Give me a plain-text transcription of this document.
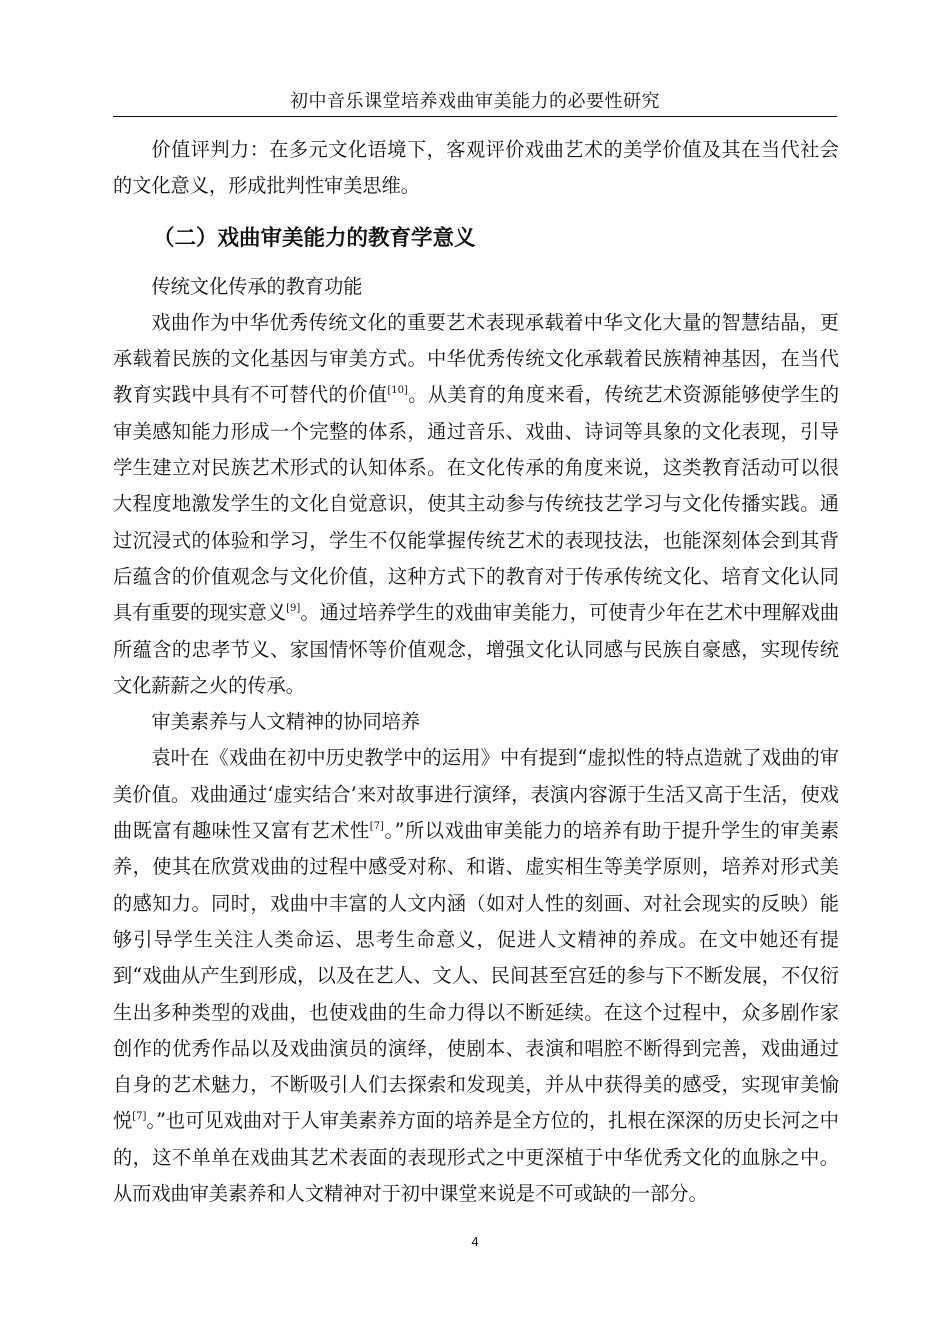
初中音乐课堂培养戏曲审美能力的必要性研究

价值评判力：在多元文化语境下，客观评价戏曲艺术的美学价值及其在当代社会的文化意义，形成批判性审美思维。

（二）戏曲审美能力的教育学意义

传统文化传承的教育功能

戏曲作为中华优秀传统文化的重要艺术表现承载着中华文化大量的智慧结晶，更承载着民族的文化基因与审美方式。中华优秀传统文化承载着民族精神基因，在当代教育实践中具有不可替代的价值[10]。从美育的角度来看，传统艺术资源能够使学生的审美感知能力形成一个完整的体系，通过音乐、戏曲、诗词等具象的文化表现，引导学生建立对民族艺术形式的认知体系。在文化传承的角度来说，这类教育活动可以很大程度地激发学生的文化自觉意识，使其主动参与传统技艺学习与文化传播实践。通过沉浸式的体验和学习，学生不仅能掌握传统艺术的表现技法，也能深刻体会到其背后蕴含的价值观念与文化价值，这种方式下的教育对于传承传统文化、培育文化认同具有重要的现实意义[9]。通过培养学生的戏曲审美能力，可使青少年在艺术中理解戏曲所蕴含的忠孝节义、家国情怀等价值观念，增强文化认同感与民族自豪感，实现传统文化薪薪之火的传承。

审美素养与人文精神的协同培养

袁叶在《戏曲在初中历史教学中的运用》中有提到“虚拟性的特点造就了戏曲的审美价值。戏曲通过‘虚实结合’来对故事进行演绎，表演内容源于生活又高于生活，使戏曲既富有趣味性又富有艺术性[7]。”所以戏曲审美能力的培养有助于提升学生的审美素养，使其在欣赏戏曲的过程中感受对称、和谐、虚实相生等美学原则，培养对形式美的感知力。同时，戏曲中丰富的人文内涵（如对人性的刻画、对社会现实的反映）能够引导学生关注人类命运、思考生命意义，促进人文精神的养成。在文中她还有提到“戏曲从产生到形成，以及在艺人、文人、民间甚至宫廷的参与下不断发展，不仅衍生出多种类型的戏曲，也使戏曲的生命力得以不断延续。在这个过程中，众多剧作家创作的优秀作品以及戏曲演员的演绎，使剧本、表演和唱腔不断得到完善，戏曲通过自身的艺术魅力，不断吸引人们去探索和发现美，并从中获得美的感受，实现审美愉悦[7]。”也可见戏曲对于人审美素养方面的培养是全方位的，扎根在深深的历史长河之中的，这不单单在戏曲其艺术表面的表现形式之中更深植于中华优秀文化的血脉之中。从而戏曲审美素养和人文精神对于初中课堂来说是不可或缺的一部分。

4
